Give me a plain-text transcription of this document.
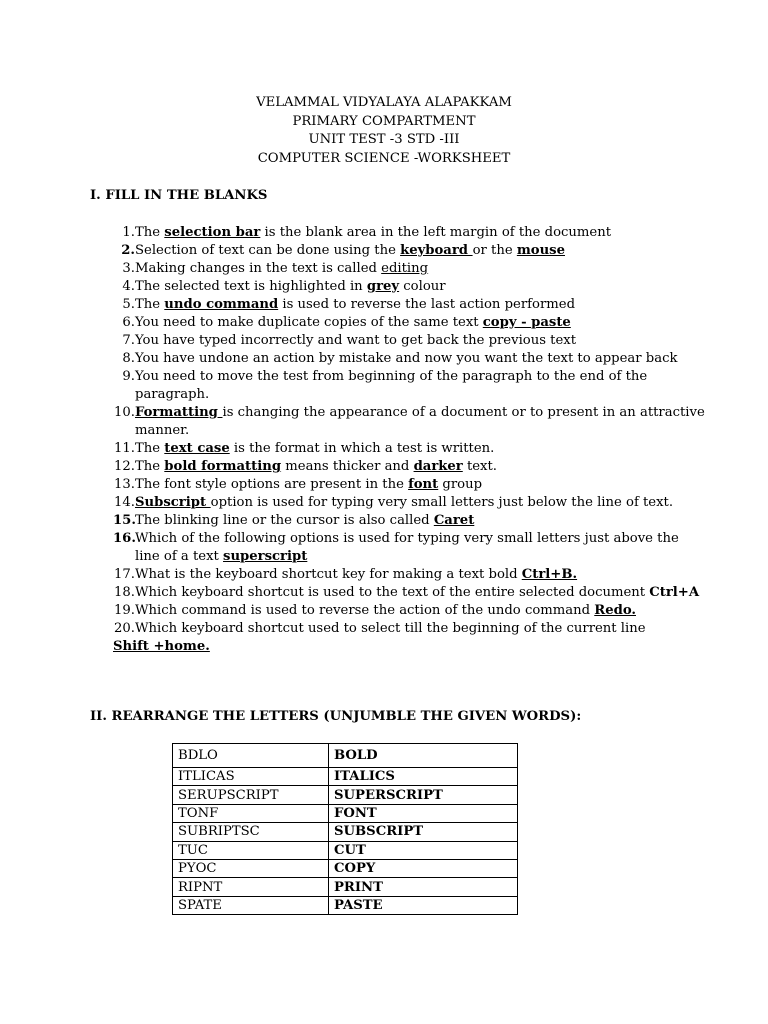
VELAMMAL VIDYALAYA ALAPAKKAM
PRIMARY COMPARTMENT
UNIT TEST -3 STD -III
COMPUTER SCIENCE -WORKSHEET
I. FILL IN THE BLANKS
1. The selection bar is the blank area in the left margin of the document
2. Selection of text can be done using the keyboard or the mouse
3. Making changes in the text is called editing
4. The selected text is highlighted in grey colour
5. The undo command is used to reverse the last action performed
6. You need to make duplicate copies of the same text copy - paste
7. You have typed incorrectly and want to get back the previous text
8. You have undone an action by mistake and now you want the text to appear back
9. You need to move the test from beginning of the paragraph to the end of the
paragraph.
10. Formatting is changing the appearance of a document or to present in an attractive
manner.
11. The text case is the format in which a test is written.
12. The bold formatting means thicker and darker text.
13. The font style options are present in the font group
14. Subscript option is used for typing very small letters just below the line of text.
15. The blinking line or the cursor is also called Caret
16. Which of the following options is used for typing very small letters just above the
line of a text superscript
17. What is the keyboard shortcut key for making a text bold Ctrl+B.
18. Which keyboard shortcut is used to the text of the entire selected document Ctrl+A
19. Which command is used to reverse the action of the undo command Redo.
20. Which keyboard shortcut used to select till the beginning of the current line
Shift +home.
II. REARRANGE THE LETTERS (UNJUMBLE THE GIVEN WORDS):
BDLO	BOLD
ITLICAS	ITALICS
SERUPSCRIPT	SUPERSCRIPT
TONF	FONT
SUBRIPTSC	SUBSCRIPT
TUC	CUT
PYOC	COPY
RIPNT	PRINT
SPATE	PASTE
